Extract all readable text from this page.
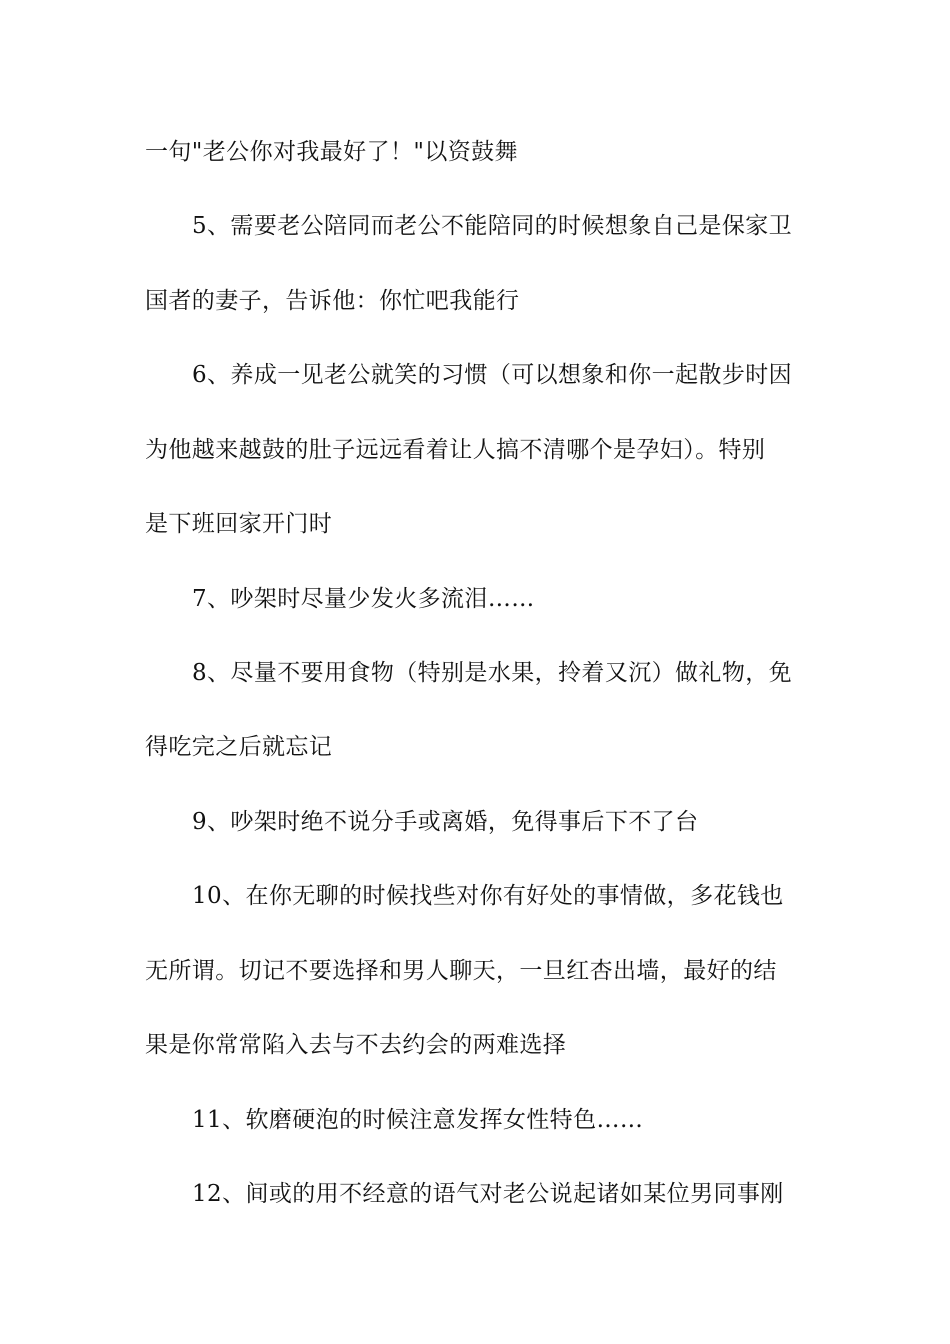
一句"老公你对我最好了！"以资鼓舞
5、需要老公陪同而老公不能陪同的时候想象自己是保家卫
国者的妻子，告诉他：你忙吧我能行
6、养成一见老公就笑的习惯（可以想象和你一起散步时因
为他越来越鼓的肚子远远看着让人搞不清哪个是孕妇）。特别
是下班回家开门时
7、吵架时尽量少发火多流泪……
8、尽量不要用食物（特别是水果，拎着又沉）做礼物，免
得吃完之后就忘记
9、吵架时绝不说分手或离婚，免得事后下不了台
10、在你无聊的时候找些对你有好处的事情做，多花钱也
无所谓。切记不要选择和男人聊天，一旦红杏出墙，最好的结
果是你常常陷入去与不去约会的两难选择
11、软磨硬泡的时候注意发挥女性特色……
12、间或的用不经意的语气对老公说起诸如某位男同事刚
